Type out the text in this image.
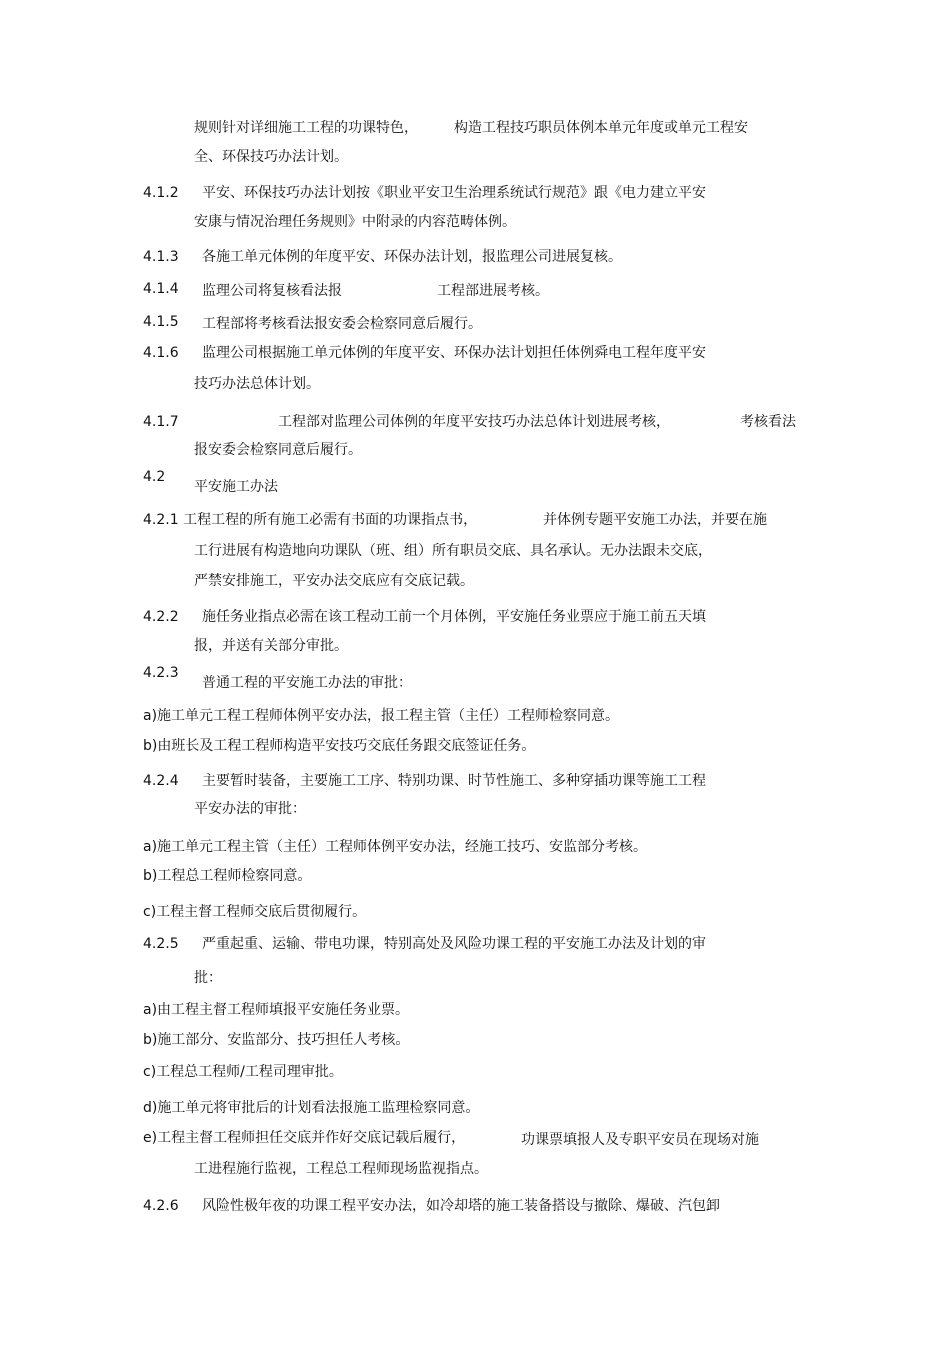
规则针对详细施工工程的功课特色，	构造工程技巧职员体例本单元年度或单元工程安
全、环保技巧办法计划。
4.1.2 平安、环保技巧办法计划按《职业平安卫生治理系统试行规范》跟《电力建立平安
安康与情况治理任务规则》中附录的内容范畴体例。
4.1.3 各施工单元体例的年度平安、环保办法计划，报监理公司进展复核。
4.1.4 监理公司将复核看法报	工程部进展考核。
4.1.5 工程部将考核看法报安委会检察同意后履行。
4.1.6 监理公司根据施工单元体例的年度平安、环保办法计划担任体例舜电工程年度平安
技巧办法总体计划。
4.1.7	工程部对监理公司体例的年度平安技巧办法总体计划进展考核，	考核看法
报安委会检察同意后履行。
4.2
平安施工办法
4.2.1 工程工程的所有施工必需有书面的功课指点书，	并体例专题平安施工办法，并要在施
工行进展有构造地向功课队（班、组）所有职员交底、具名承认。无办法跟未交底，
严禁安排施工，平安办法交底应有交底记载。
4.2.2 施任务业指点必需在该工程动工前一个月体例，平安施任务业票应于施工前五天填
报，并送有关部分审批。
4.2.3
普通工程的平安施工办法的审批：
a)施工单元工程工程师体例平安办法，报工程主管（主任）工程师检察同意。
b)由班长及工程工程师构造平安技巧交底任务跟交底签证任务。
4.2.4 主要暂时装备，主要施工工序、特别功课、时节性施工、多种穿插功课等施工工程
平安办法的审批：
a)施工单元工程主管（主任）工程师体例平安办法，经施工技巧、安监部分考核。
b)工程总工程师检察同意。
c)工程主督工程师交底后贯彻履行。
4.2.5 严重起重、运输、带电功课，特别高处及风险功课工程的平安施工办法及计划的审
批：
a)由工程主督工程师填报平安施任务业票。
b)施工部分、安监部分、技巧担任人考核。
c)工程总工程师/工程司理审批。
d)施工单元将审批后的计划看法报施工监理检察同意。
e)工程主督工程师担任交底并作好交底记载后履行，	功课票填报人及专职平安员在现场对施
工进程施行监视，工程总工程师现场监视指点。
4.2.6 风险性极年夜的功课工程平安办法，如冷却塔的施工装备搭设与撤除、爆破、汽包卸
